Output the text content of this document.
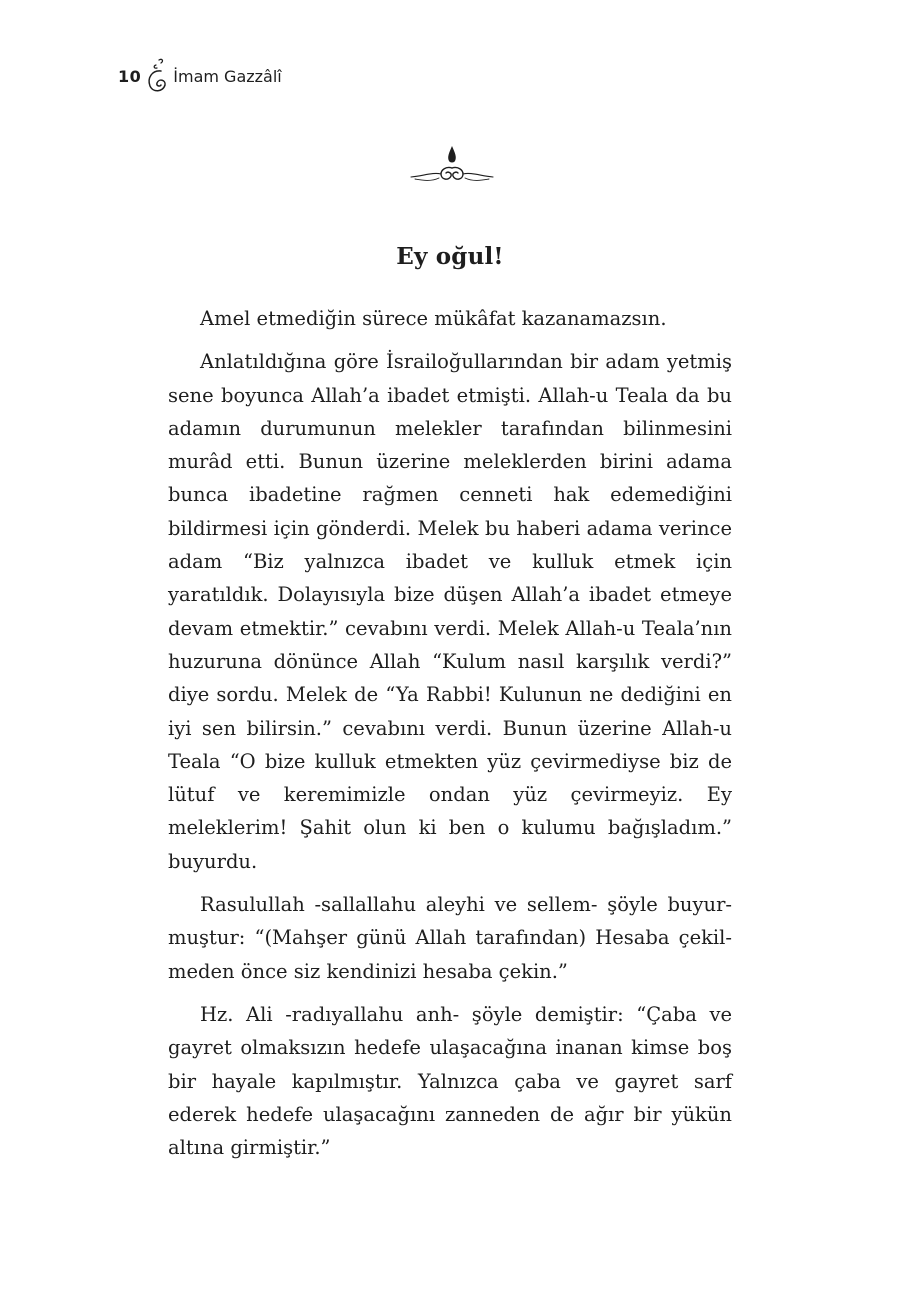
10 İmam Gazzâlî
Ey oğul!

Amel etmediğin sürece mükâfat kazanamazsın.

Anlatıldığına göre İsrailoğullarından bir adam yetmiş sene boyunca Allah’a ibadet etmişti. Allah-u Teala da bu adamın durumunun melekler tarafından bilinmesini murâd etti. Bunun üzerine meleklerden birini adama bunca ibadetine rağmen cenneti hak edemediğini bildirmesi için gönderdi. Melek bu haberi adama verince adam “Biz yalnızca ibadet ve kulluk etmek için yaratıldık. Dolayısıyla bize düşen Allah’a ibadet etmeye devam etmektir.” cevabını verdi. Melek Allah-u Teala’nın huzuruna dönünce Allah “Kulum nasıl karşılık verdi?” diye sordu. Melek de “Ya Rabbi! Kulunun ne dediğini en iyi sen bilirsin.” cevabını verdi. Bunun üzerine Allah-u Teala “O bize kulluk etmekten yüz çevirmediyse biz de lütuf ve keremimizle ondan yüz çevirmeyiz. Ey meleklerim! Şahit olun ki ben o kulumu bağışladım.” buyurdu.

Rasulullah -sallallahu aleyhi ve sellem- şöyle buyurmuştur: “(Mahşer günü Allah tarafından) Hesaba çekilmeden önce siz kendinizi hesaba çekin.”

Hz. Ali -radıyallahu anh- şöyle demiştir: “Çaba ve gayret olmaksızın hedefe ulaşacağına inanan kimse boş bir hayale kapılmıştır. Yalnızca çaba ve gayret sarf ederek hedefe ulaşacağını zanneden de ağır bir yükün altına girmiştir.”
